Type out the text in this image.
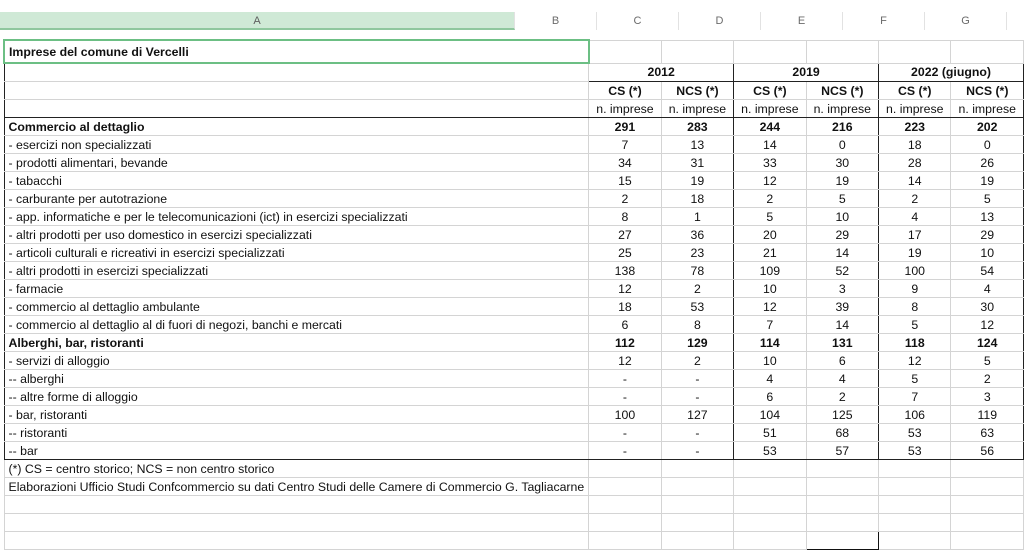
A	B	C	D	E	F	G
Imprese del comune di Vercelli						
	2012		2019		2022 (giugno)	
	CS (*)	NCS (*)	CS (*)	NCS (*)	CS (*)	NCS (*)
	n. imprese	n. imprese	n. imprese	n. imprese	n. imprese	n. imprese
Commercio al dettaglio	291	283	244	216	223	202
- esercizi non specializzati	7	13	14	0	18	0
- prodotti alimentari, bevande	34	31	33	30	28	26
- tabacchi	15	19	12	19	14	19
- carburante per autotrazione	2	18	2	5	2	5
- app. informatiche e per le telecomunicazioni (ict) in esercizi specializzati	8	1	5	10	4	13
- altri prodotti per uso domestico in esercizi specializzati	27	36	20	29	17	29
- articoli culturali e ricreativi in esercizi specializzati	25	23	21	14	19	10
- altri prodotti in esercizi specializzati	138	78	109	52	100	54
- farmacie	12	2	10	3	9	4
- commercio al dettaglio ambulante	18	53	12	39	8	30
- commercio al dettaglio al di fuori di negozi, banchi e mercati	6	8	7	14	5	12
Alberghi, bar, ristoranti	112	129	114	131	118	124
- servizi di alloggio	12	2	10	6	12	5
-- alberghi	-	-	4	4	5	2
-- altre forme di alloggio	-	-	6	2	7	3
- bar, ristoranti	100	127	104	125	106	119
-- ristoranti	-	-	51	68	53	63
-- bar	-	-	53	57	53	56
(*) CS = centro storico; NCS = non centro storico						
Elaborazioni Ufficio Studi Confcommercio su dati Centro Studi delle Camere di Commercio G. Tagliacarne						
